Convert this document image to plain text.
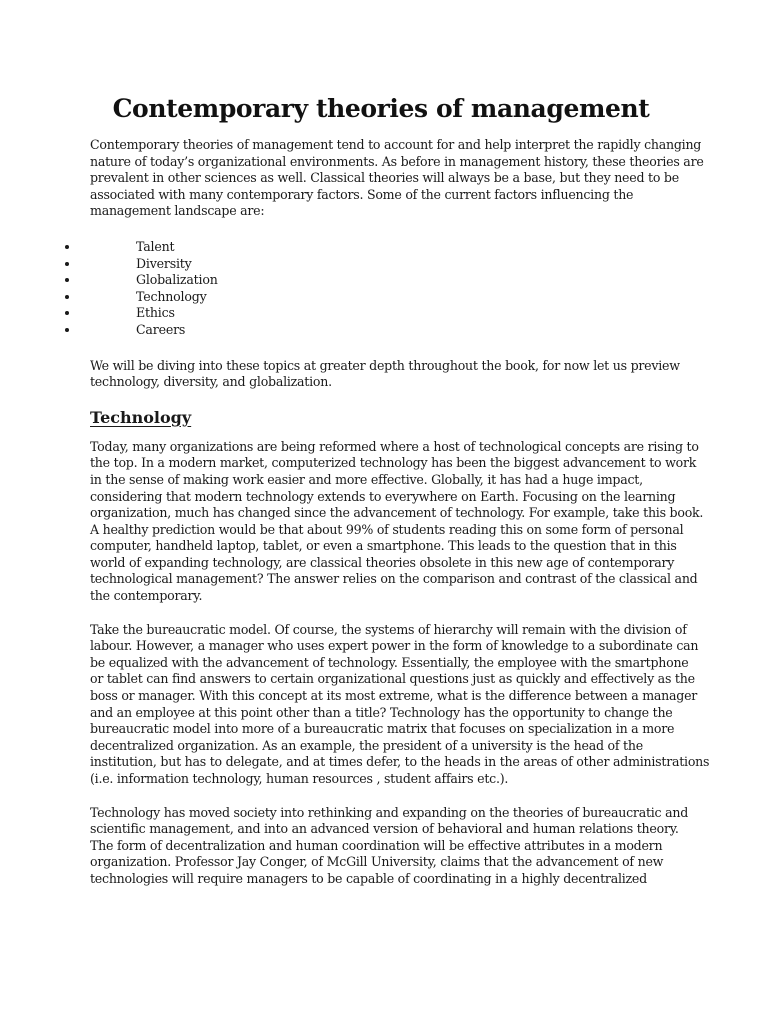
Contemporary theories of management

Contemporary theories of management tend to account for and help interpret the rapidly changing
nature of today’s organizational environments. As before in management history, these theories are
prevalent in other sciences as well. Classical theories will always be a base, but they need to be
associated with many contemporary factors. Some of the current factors influencing the
management landscape are:

Talent
Diversity
Globalization
Technology
Ethics
Careers

We will be diving into these topics at greater depth throughout the book, for now let us preview
technology, diversity, and globalization.

Technology

Today, many organizations are being reformed where a host of technological concepts are rising to
the top. In a modern market, computerized technology has been the biggest advancement to work
in the sense of making work easier and more effective. Globally, it has had a huge impact,
considering that modern technology extends to everywhere on Earth. Focusing on the learning
organization, much has changed since the advancement of technology. For example, take this book.
A healthy prediction would be that about 99% of students reading this on some form of personal
computer, handheld laptop, tablet, or even a smartphone. This leads to the question that in this
world of expanding technology, are classical theories obsolete in this new age of contemporary
technological management? The answer relies on the comparison and contrast of the classical and
the contemporary.

Take the bureaucratic model. Of course, the systems of hierarchy will remain with the division of
labour. However, a manager who uses expert power in the form of knowledge to a subordinate can
be equalized with the advancement of technology. Essentially, the employee with the smartphone
or tablet can find answers to certain organizational questions just as quickly and effectively as the
boss or manager. With this concept at its most extreme, what is the difference between a manager
and an employee at this point other than a title? Technology has the opportunity to change the
bureaucratic model into more of a bureaucratic matrix that focuses on specialization in a more
decentralized organization. As an example, the president of a university is the head of the
institution, but has to delegate, and at times defer, to the heads in the areas of other administrations
(i.e. information technology, human resources , student affairs etc.).

Technology has moved society into rethinking and expanding on the theories of bureaucratic and
scientific management, and into an advanced version of behavioral and human relations theory.
The form of decentralization and human coordination will be effective attributes in a modern
organization. Professor Jay Conger, of McGill University, claims that the advancement of new
technologies will require managers to be capable of coordinating in a highly decentralized
